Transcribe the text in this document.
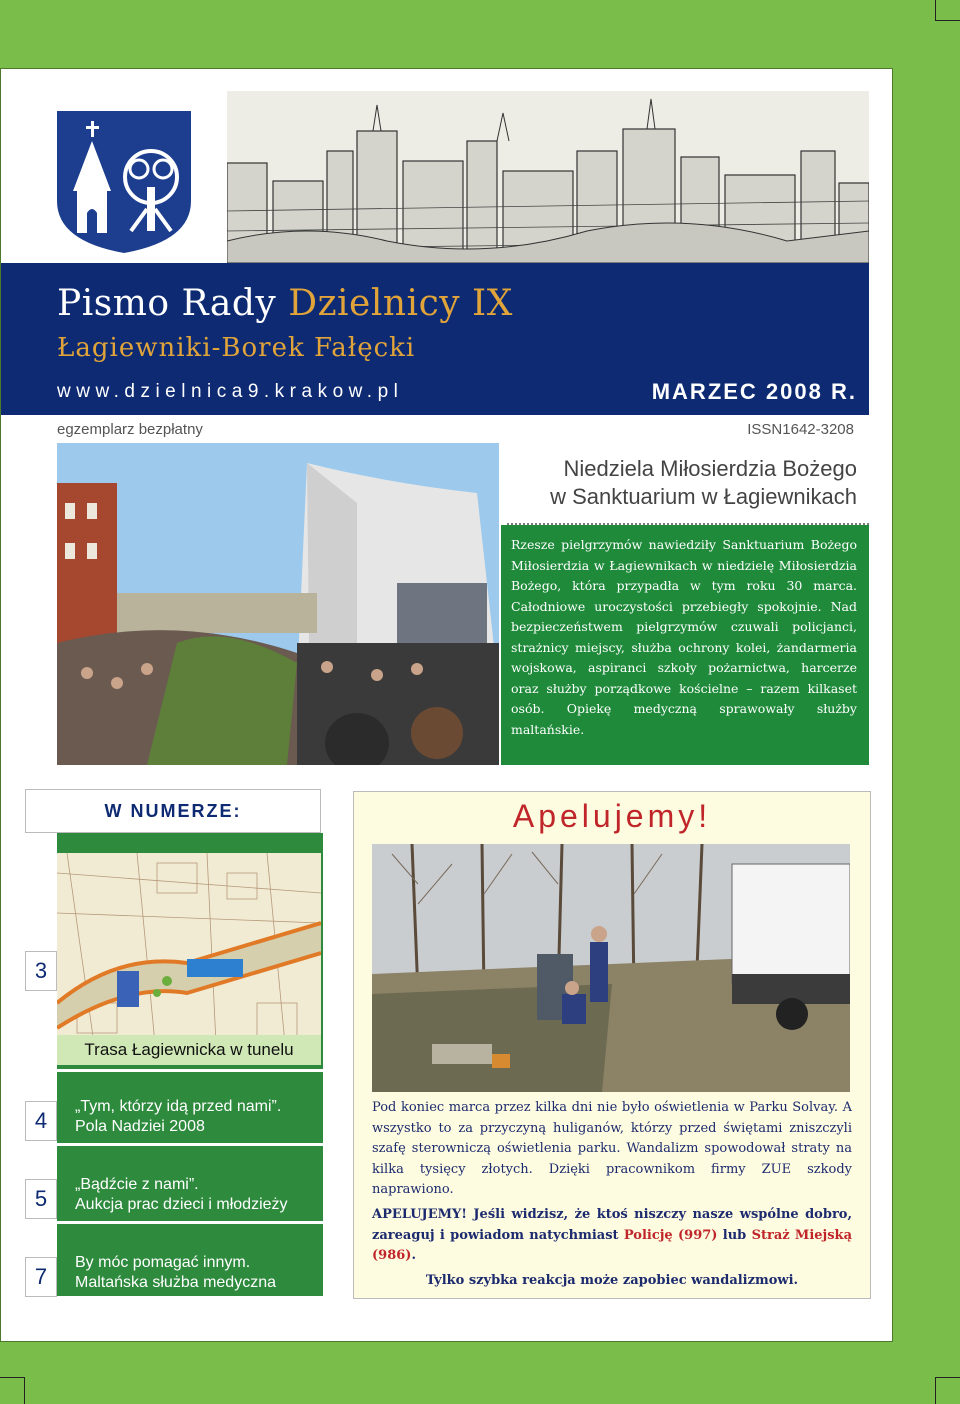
Pismo Rady Dzielnicy IX
Łagiewniki-Borek Fałęcki
www.dzielnica9.krakow.pl	MARZEC 2008 R.
egzemplarz bezpłatny	ISSN1642-3208
Niedziela Miłosierdzia Bożego
w Sanktuarium w Łagiewnikach
Rzesze pielgrzymów nawiedziły Sanktuarium Bożego Miłosierdzia w Łagiewnikach w niedzielę Miłosierdzia Bożego, która przypadła w tym roku 30 marca. Całodniowe uroczystości przebiegły spokojnie. Nad bezpieczeństwem pielgrzymów czuwali policjanci, strażnicy miejscy, służba ochrony kolei, żandarmeria wojskowa, aspiranci szkoły pożarnictwa, harcerze oraz służby porządkowe kościelne – razem kilkaset osób. Opiekę medyczną sprawowały służby maltańskie.
W NUMERZE:
Trasa Łagiewnicka w tunelu
3
4
„Tym, którzy idą przed nami”.
Pola Nadziei 2008
5
„Bądźcie z nami”.
Aukcja prac dzieci i młodzieży
7
By móc pomagać innym.
Maltańska służba medyczna
Apelujemy!

Pod koniec marca przez kilka dni nie było oświetlenia w Parku Solvay. A wszystko to za przyczyną huliganów, którzy przed świętami zniszczyli szafę sterowniczą oświetlenia parku. Wandalizm spowodował straty na kilka tysięcy złotych. Dzięki pracownikom firmy ZUE szkody naprawiono.

APELUJEMY! Jeśli widzisz, że ktoś niszczy nasze wspólne dobro, zareaguj i powiadom natychmiast Policję (997) lub Straż Miejską (986).

Tylko szybka reakcja może zapobiec wandalizmowi.
